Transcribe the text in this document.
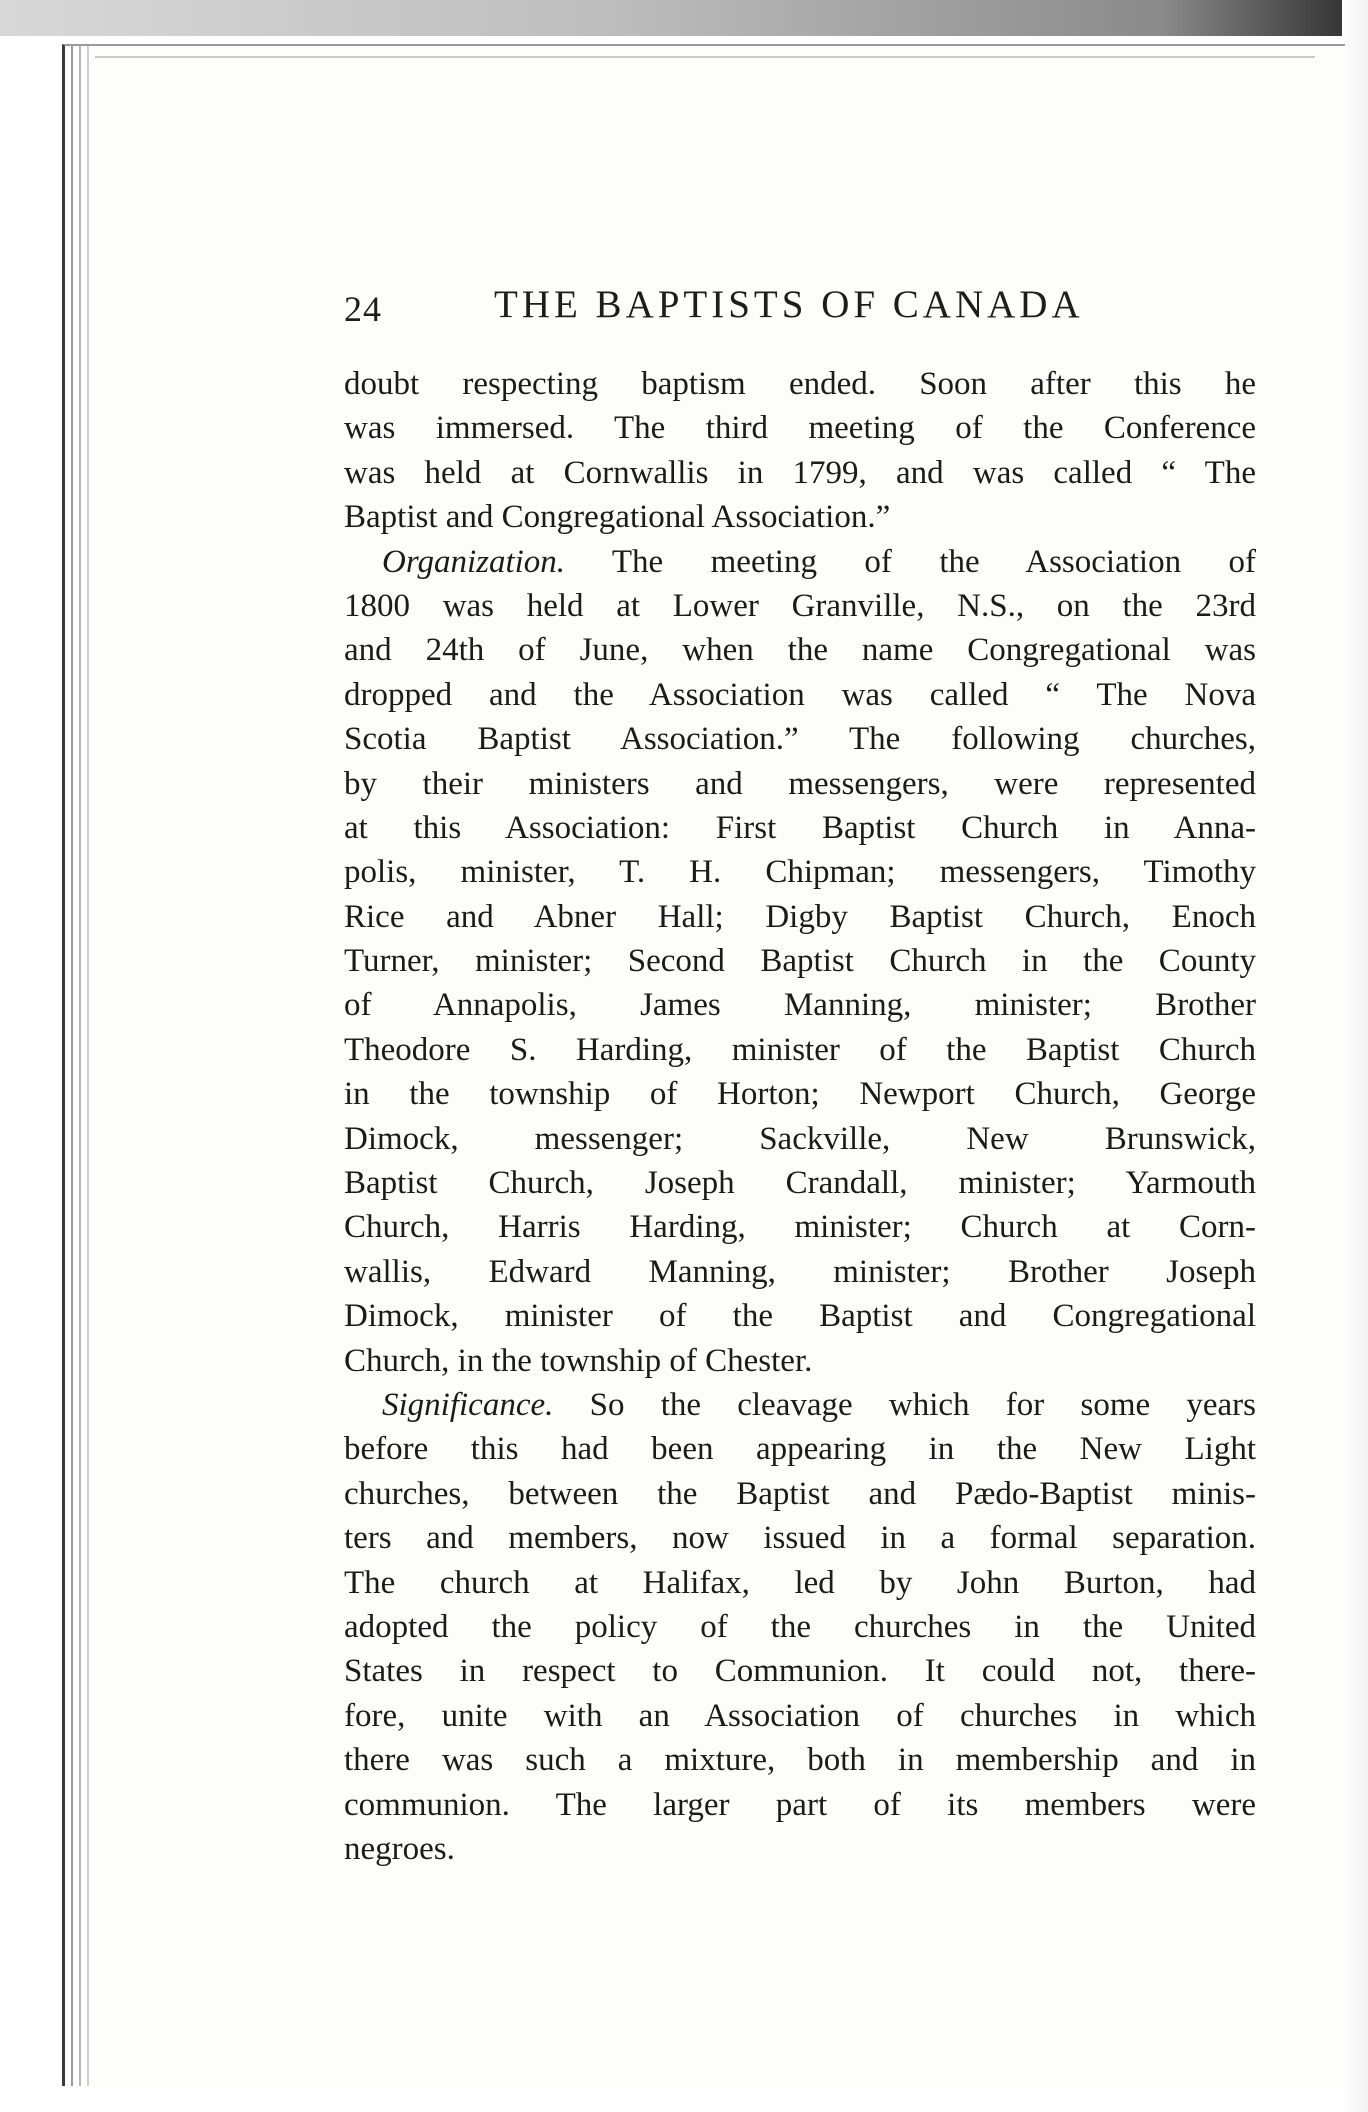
24	THE BAPTISTS OF CANADA
doubt respecting baptism ended. Soon after this he
was immersed. The third meeting of the Conference
was held at Cornwallis in 1799, and was called “ The
Baptist and Congregational Association.”
Organization. The meeting of the Association of
1800 was held at Lower Granville, N.S., on the 23rd
and 24th of June, when the name Congregational was
dropped and the Association was called “ The Nova
Scotia Baptist Association.” The following churches,
by their ministers and messengers, were represented
at this Association: First Baptist Church in Anna-
polis, minister, T. H. Chipman; messengers, Timothy
Rice and Abner Hall; Digby Baptist Church, Enoch
Turner, minister; Second Baptist Church in the County
of Annapolis, James Manning, minister; Brother
Theodore S. Harding, minister of the Baptist Church
in the township of Horton; Newport Church, George
Dimock, messenger; Sackville, New Brunswick,
Baptist Church, Joseph Crandall, minister; Yarmouth
Church, Harris Harding, minister; Church at Corn-
wallis, Edward Manning, minister; Brother Joseph
Dimock, minister of the Baptist and Congregational
Church, in the township of Chester.
Significance. So the cleavage which for some years
before this had been appearing in the New Light
churches, between the Baptist and Pædo-Baptist minis-
ters and members, now issued in a formal separation.
The church at Halifax, led by John Burton, had
adopted the policy of the churches in the United
States in respect to Communion. It could not, there-
fore, unite with an Association of churches in which
there was such a mixture, both in membership and in
communion. The larger part of its members were
negroes.
